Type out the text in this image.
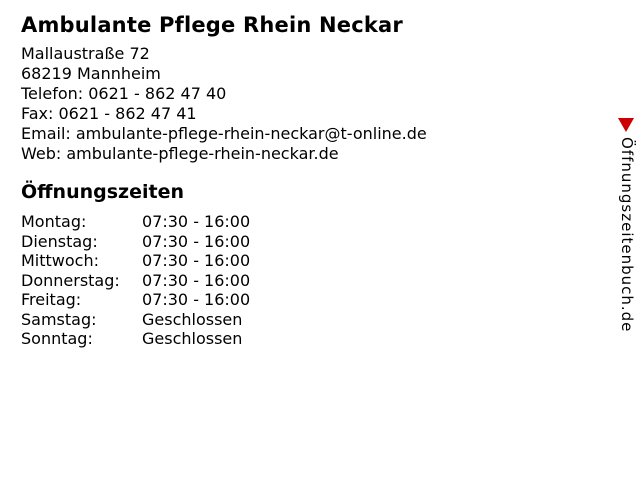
Ambulante Pflege Rhein Neckar
Mallaustraße 72
68219 Mannheim
Telefon: 0621 - 862 47 40
Fax: 0621 - 862 47 41
Email: ambulante-pflege-rhein-neckar@t-online.de
Web: ambulante-pflege-rhein-neckar.de
Öffnungszeiten
Montag:	07:30 - 16:00
Dienstag:	07:30 - 16:00
Mittwoch:	07:30 - 16:00
Donnerstag:	07:30 - 16:00
Freitag:	07:30 - 16:00
Samstag:	Geschlossen
Sonntag:	Geschlossen
Öffnungszeitenbuch.de
